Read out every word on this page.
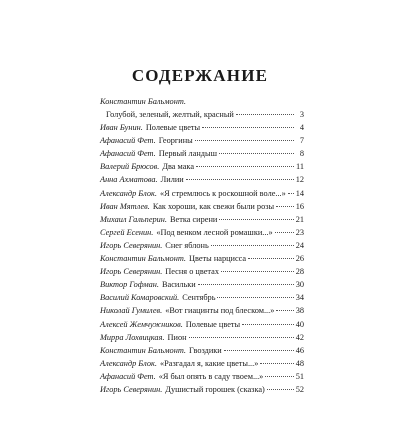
СОДЕРЖАНИЕ
Константин Бальмонт.
Голубой, зеленый, желтый, красный	3
Иван Бунин. Полевые цветы	4
Афанасий Фет. Георгины	7
Афанасий Фет. Первый ландыш	8
Валерий Брюсов. Два мака	11
Анна Ахматова. Лилии	12
Александр Блок. «Я стремлюсь к роскошной воле...» 14
Иван Мятлев. Как хороши, как свежи были розы	16
Михаил Гальперин. Ветка сирени	21
Сергей Есенин. «Под венком лесной ромашки...»	23
Игорь Северянин. Снег яблонь	24
Константин Бальмонт. Цветы нарцисса	26
Игорь Северянин. Песня о цветах	28
Виктор Гофман. Васильки	30
Василий Комаровский. Сентябрь	34
Николай Гумилев. «Вот гиацинты под блеском...»	38
Алексей Жемчужников. Полевые цветы	40
Мирра Лохвицкая. Пион	42
Константин Бальмонт. Гвоздики	46
Александр Блок. «Разгадал я, какие цветы...»	48
Афанасий Фет. «Я был опять в саду твоем...»	51
Игорь Северянин. Душистый горошек (сказка)	52
